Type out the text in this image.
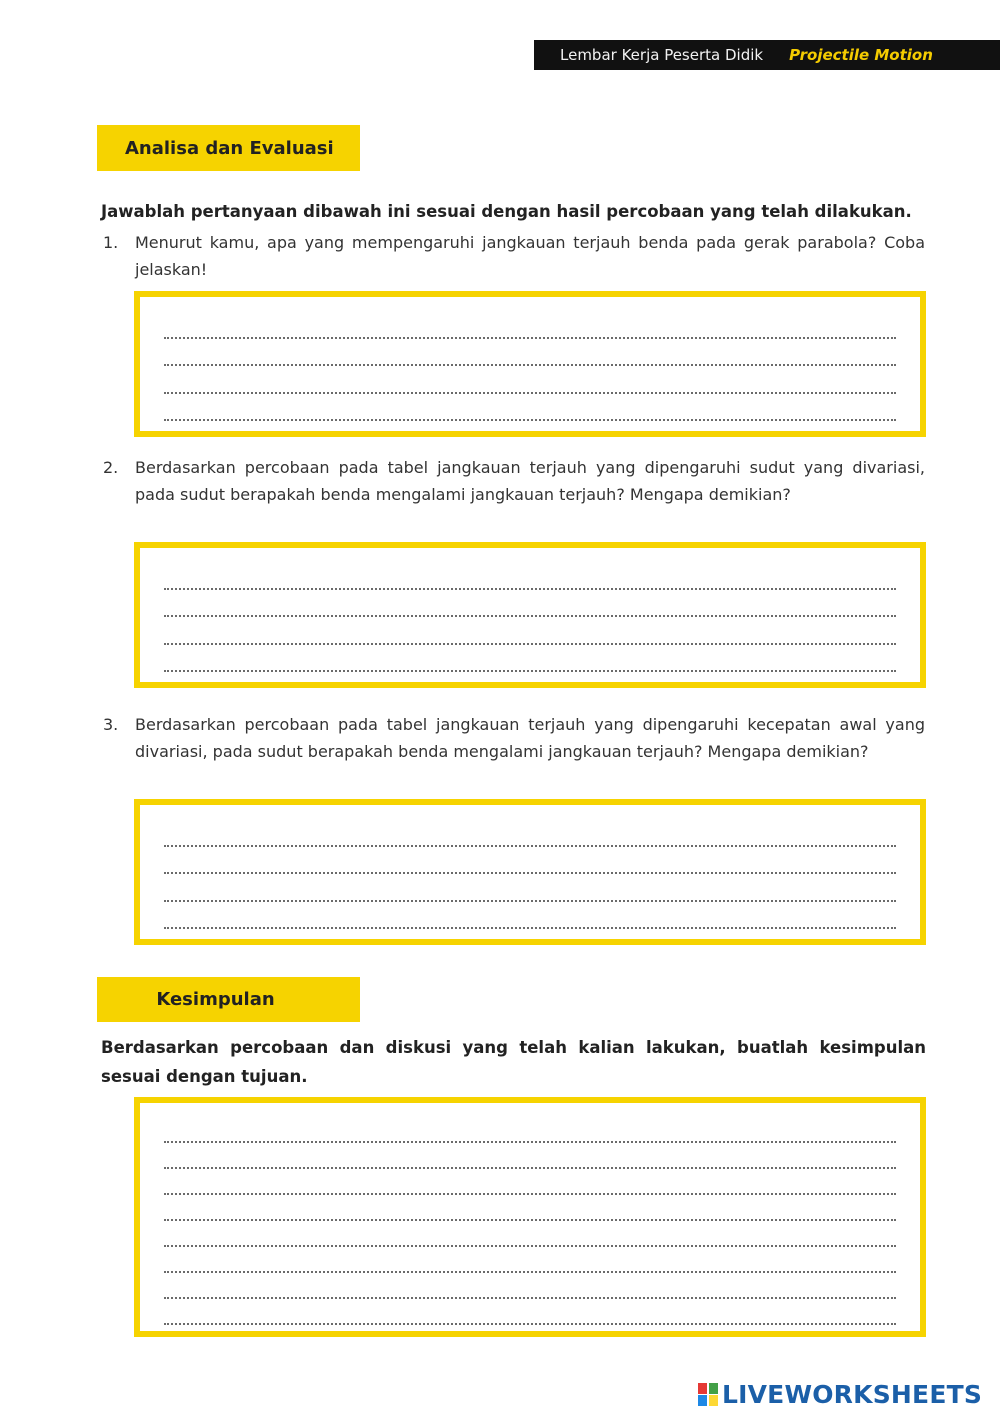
Lembar Kerja Peserta Didik Projectile Motion
Analisa dan Evaluasi

Jawablah pertanyaan dibawah ini sesuai dengan hasil percobaan yang telah dilakukan.

1. Menurut kamu, apa yang mempengaruhi jangkauan terjauh benda pada gerak parabola? Coba jelaskan!

2. Berdasarkan percobaan pada tabel jangkauan terjauh yang dipengaruhi sudut yang divariasi, pada sudut berapakah benda mengalami jangkauan terjauh? Mengapa demikian?

3. Berdasarkan percobaan pada tabel jangkauan terjauh yang dipengaruhi kecepatan awal yang divariasi, pada sudut berapakah benda mengalami jangkauan terjauh? Mengapa demikian?

Kesimpulan

Berdasarkan percobaan dan diskusi yang telah kalian lakukan, buatlah kesimpulan sesuai dengan tujuan.

LIVEWORKSHEETS
